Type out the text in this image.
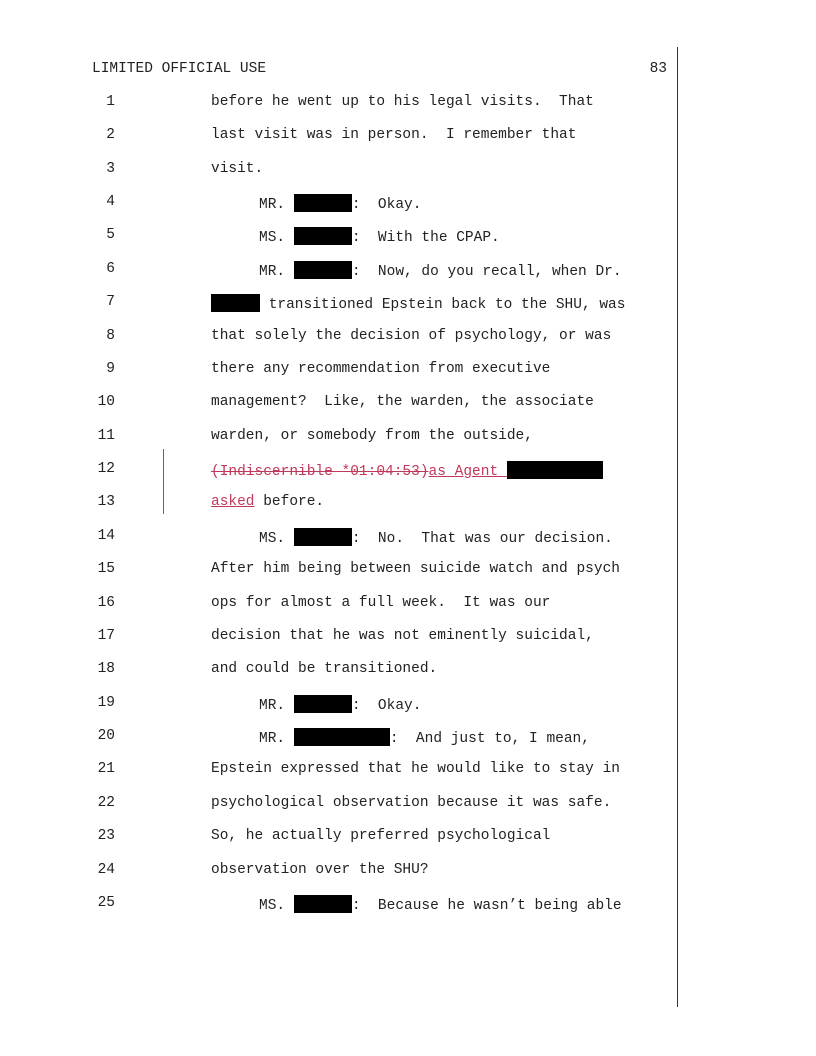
LIMITED OFFICIAL USE	83
1	before he went up to his legal visits.  That
2	last visit was in person.  I remember that
3	visit.
4	MR.	:  Okay.
5	MS.	:  With the CPAP.
6	MR.	:  Now, do you recall, when Dr.
7	transitioned Epstein back to the SHU, was
8	that solely the decision of psychology, or was
9	there any recommendation from executive
10	management?  Like, the warden, the associate
11	warden, or somebody from the outside,
12	(Indiscernible *01:04:53)as Agent
13	asked before.
14	MS.	:  No.  That was our decision.
15	After him being between suicide watch and psych
16	ops for almost a full week.  It was our
17	decision that he was not eminently suicidal,
18	and could be transitioned.
19	MR.	:  Okay.
20	MR.	:  And just to, I mean,
21	Epstein expressed that he would like to stay in
22	psychological observation because it was safe.
23	So, he actually preferred psychological
24	observation over the SHU?
25	MS.	:  Because he wasn’t being able
